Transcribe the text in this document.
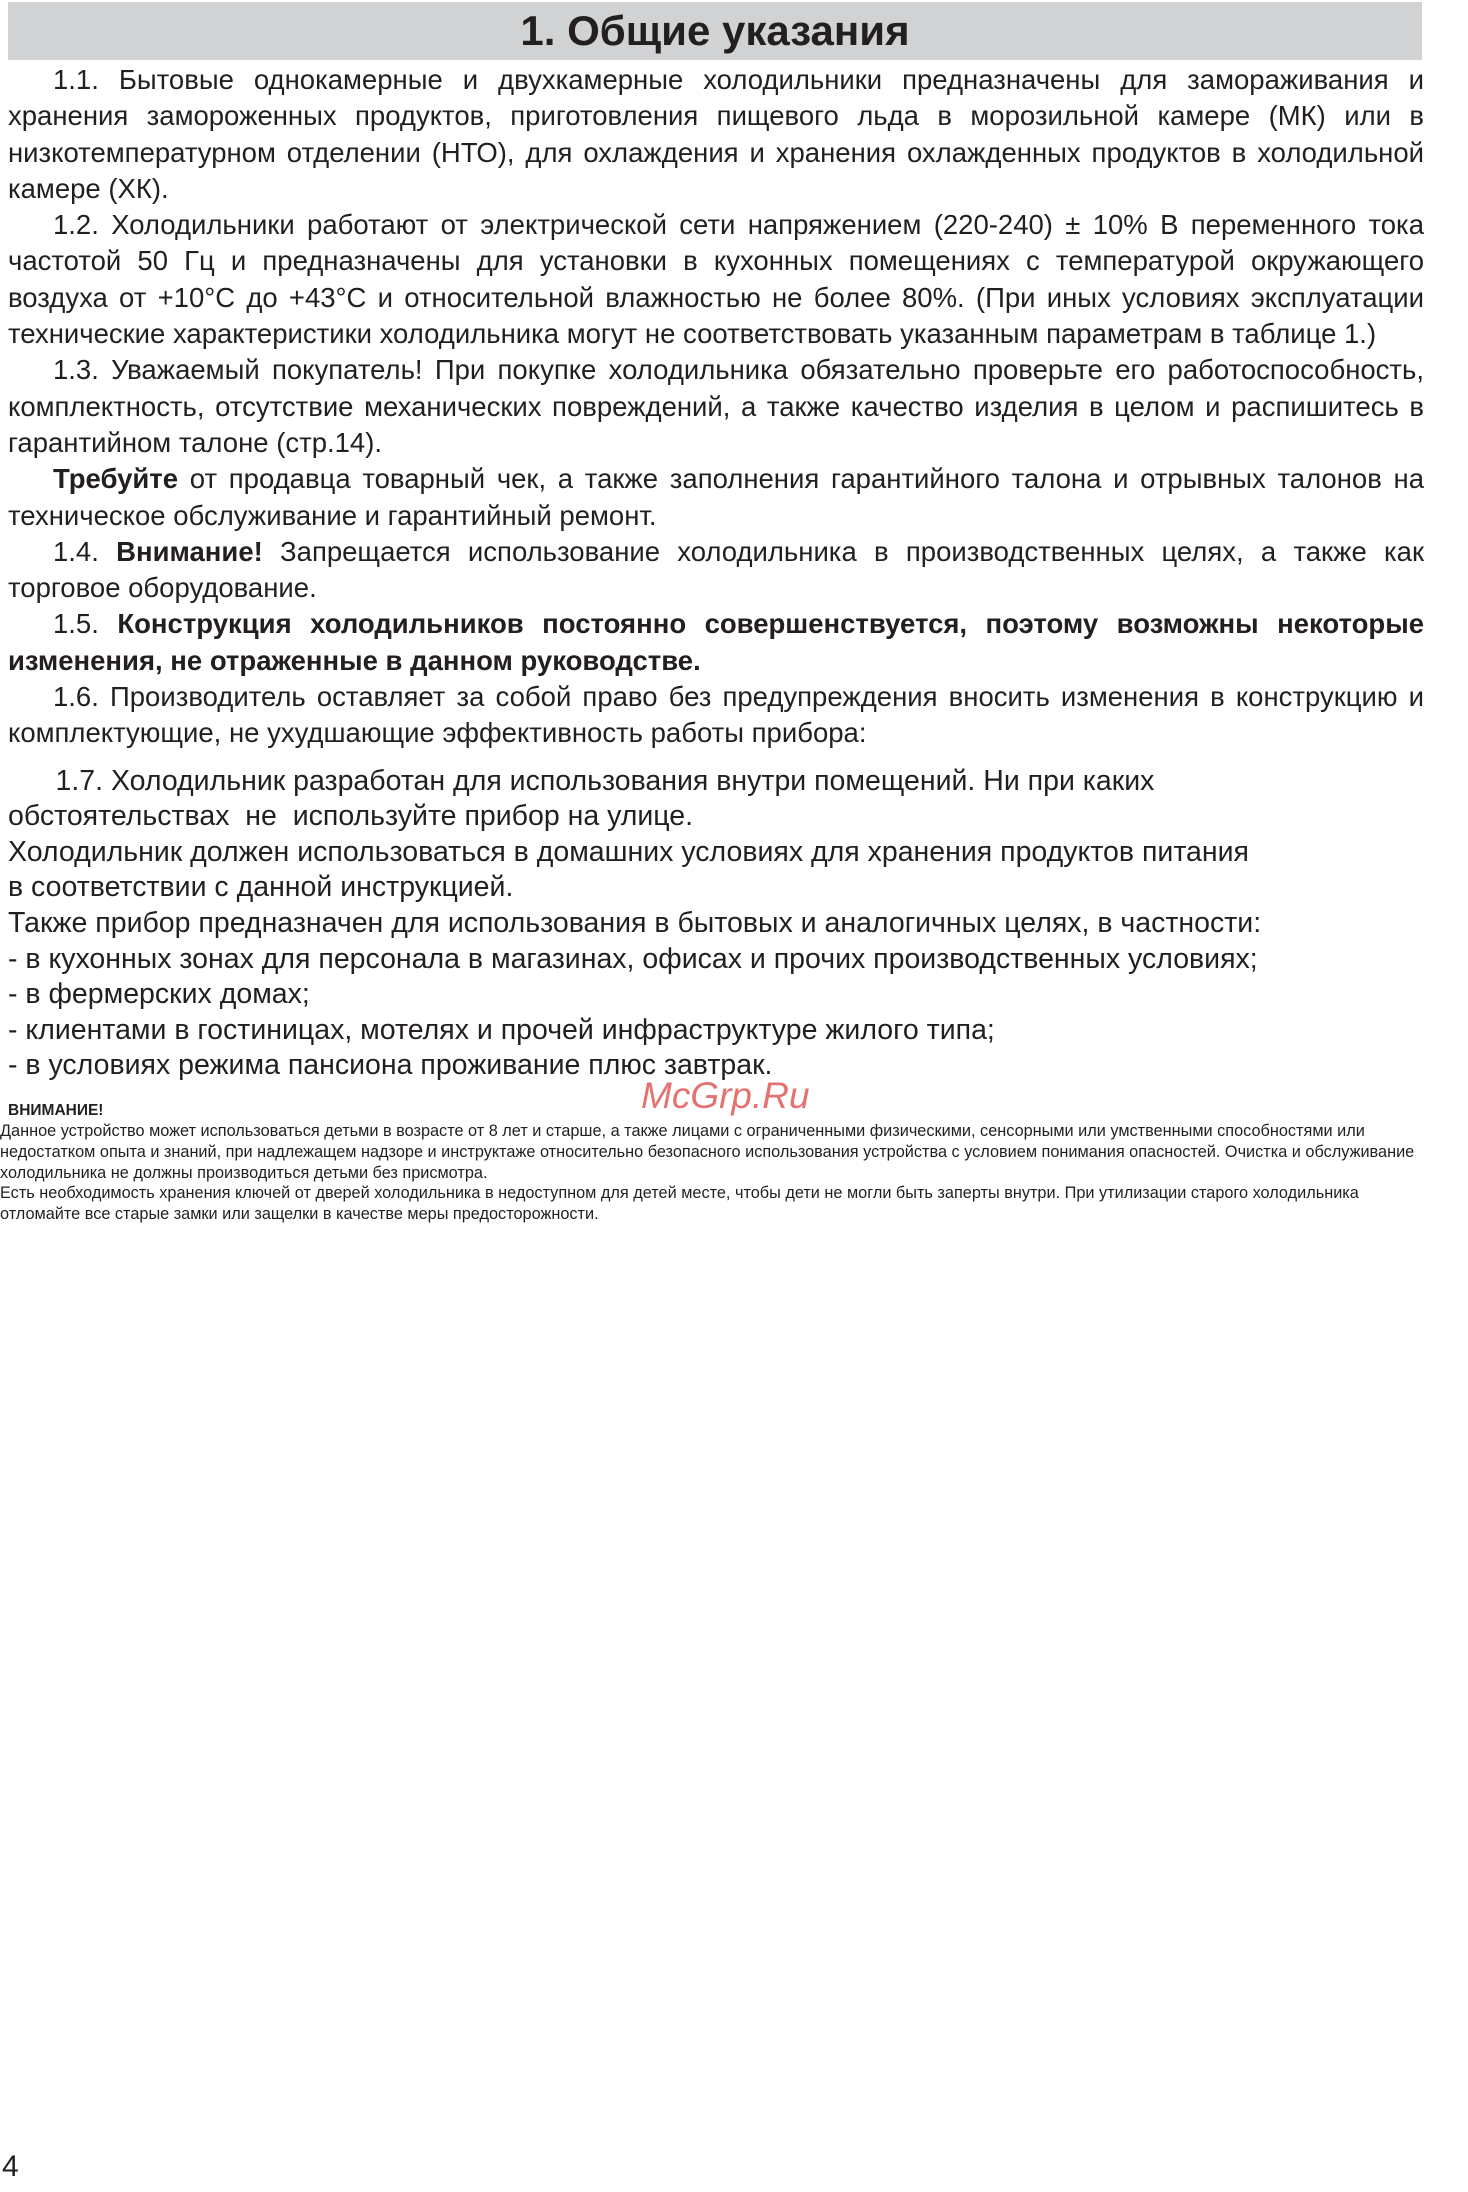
1. Общие указания

1.1. Бытовые однокамерные и двухкамерные холодильники предназначены для замораживания и хранения замороженных продуктов, приготовления пищевого льда в морозильной камере (МК) или в низкотемпературном отделении (НТО), для охлаждения и хранения охлажденных продуктов в холодильной камере (ХК).

1.2. Холодильники работают от электрической сети напряжением (220-240) ± 10% В переменного тока частотой 50 Гц и предназначены для установки в кухонных помещениях с температурой окружающего воздуха от +10°С до +43°С и относительной влажностью не более 80%. (При иных условиях эксплуатации технические характеристики холодильника могут не соответствовать указанным параметрам в таблице 1.)

1.3. Уважаемый покупатель! При покупке холодильника обязательно проверьте его работоспособность, комплектность, отсутствие механических повреждений, а также качество изделия в целом и распишитесь в гарантийном талоне (стр.14).

Требуйте от продавца товарный чек, а также заполнения гарантийного талона и отрывных талонов на техническое обслуживание и гарантийный ремонт.

1.4. Внимание! Запрещается использование холодильника в производственных целях, а также как торговое оборудование.

1.5. Конструкция холодильников постоянно совершенствуется, поэтому возможны некоторые изменения, не отраженные в данном руководстве.

1.6. Производитель оставляет за собой право без предупреждения вносить изменения в конструкцию и комплектующие, не ухудшающие эффективность работы прибора:

1.7. Холодильник разработан для использования внутри помещений. Ни при каких

обстоятельствах  не  используйте прибор на улице.

Холодильник должен использоваться в домашних условиях для хранения продуктов питания

в соответствии с данной инструкцией.

Также прибор предназначен для использования в бытовых и аналогичных целях, в частности:

- в кухонных зонах для персонала в магазинах, офисах и прочих производственных условиях;

- в фермерских домах;

- клиентами в гостиницах, мотелях и прочей инфраструктуре жилого типа;

- в условиях режима пансиона проживание плюс завтрак.

ВНИМАНИЕ!

Данное устройство может использоваться детьми в возрасте от 8 лет и старше, а также лицами с ограниченными физическими, сенсорными или умственными способностями или недостатком опыта и знаний, при надлежащем надзоре и инструктаже относительно безопасного использования устройства с условием понимания опасностей. Очистка и обслуживание холодильника не должны производиться детьми без присмотра.

Есть необходимость хранения ключей от дверей холодильника в недоступном для детей месте, чтобы дети не могли быть заперты внутри. При утилизации старого холодильника отломайте все старые замки или защелки в качестве меры предосторожности.

McGrp.Ru
4
